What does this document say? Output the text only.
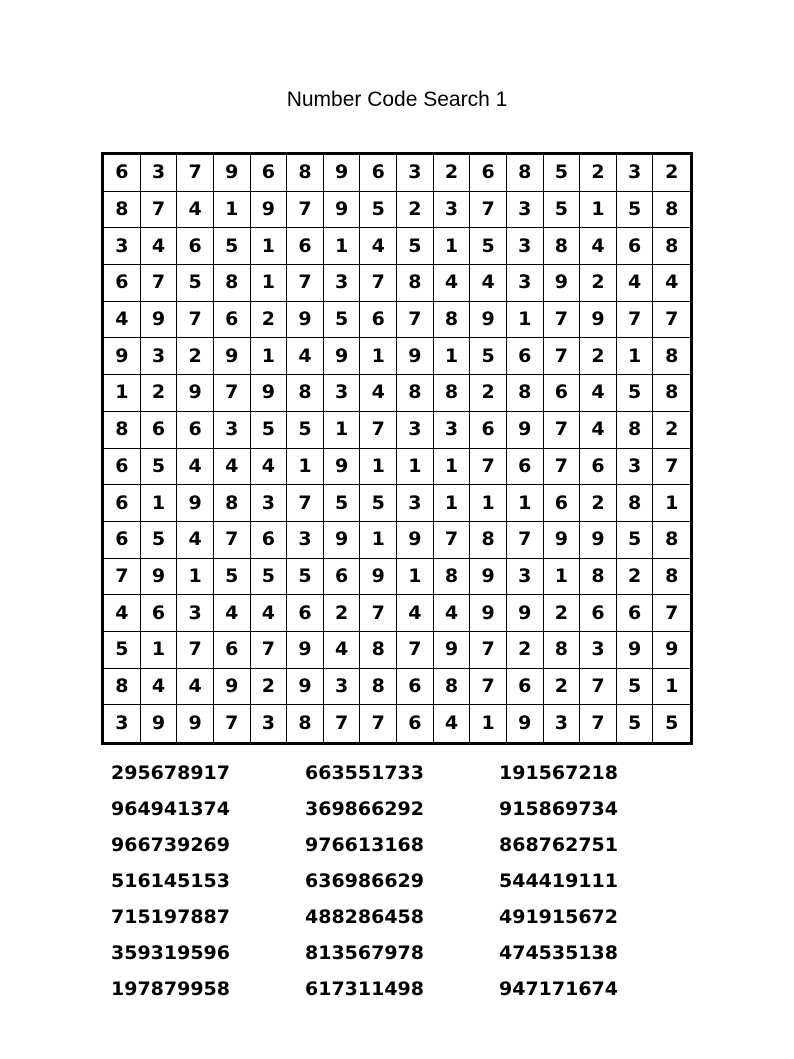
Number Code Search 1
6	3	7	9	6	8	9	6	3	2	6	8	5	2	3	2
8	7	4	1	9	7	9	5	2	3	7	3	5	1	5	8
3	4	6	5	1	6	1	4	5	1	5	3	8	4	6	8
6	7	5	8	1	7	3	7	8	4	4	3	9	2	4	4
4	9	7	6	2	9	5	6	7	8	9	1	7	9	7	7
9	3	2	9	1	4	9	1	9	1	5	6	7	2	1	8
1	2	9	7	9	8	3	4	8	8	2	8	6	4	5	8
8	6	6	3	5	5	1	7	3	3	6	9	7	4	8	2
6	5	4	4	4	1	9	1	1	1	7	6	7	6	3	7
6	1	9	8	3	7	5	5	3	1	1	1	6	2	8	1
6	5	4	7	6	3	9	1	9	7	8	7	9	9	5	8
7	9	1	5	5	5	6	9	1	8	9	3	1	8	2	8
4	6	3	4	4	6	2	7	4	4	9	9	2	6	6	7
5	1	7	6	7	9	4	8	7	9	7	2	8	3	9	9
8	4	4	9	2	9	3	8	6	8	7	6	2	7	5	1
3	9	9	7	3	8	7	7	6	4	1	9	3	7	5	5
295678917	663551733	191567218
964941374	369866292	915869734
966739269	976613168	868762751
516145153	636986629	544419111
715197887	488286458	491915672
359319596	813567978	474535138
197879958	617311498	947171674
